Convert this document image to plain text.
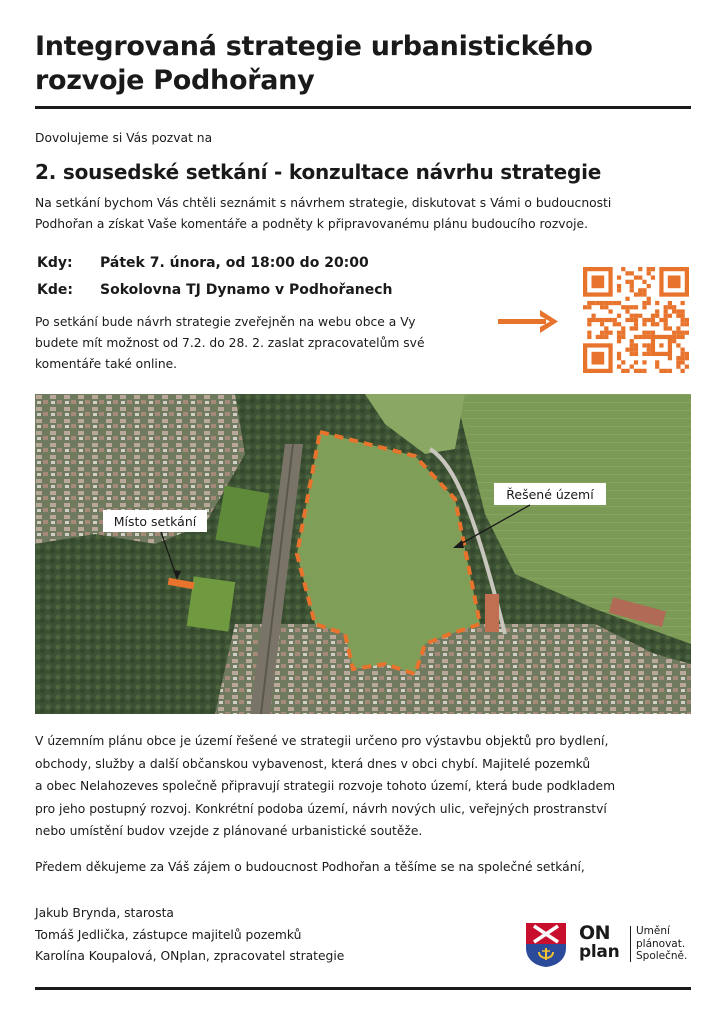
Integrovaná strategie urbanistického
rozvoje Podhořany
Dovolujeme si Vás pozvat na
2. sousedské setkání - konzultace návrhu strategie
Na setkání bychom Vás chtěli seznámit s návrhem strategie, diskutovat s Vámi o budoucnosti
Podhořan a získat Vaše komentáře a podněty k připravovanému plánu budoucího rozvoje.
Kdy: Pátek 7. února, od 18:00 do 20:00
Kde: Sokolovna TJ Dynamo v Podhořanech
Po setkání bude návrh strategie zveřejněn na webu obce a Vy
budete mít možnost od 7.2. do 28. 2. zaslat zpracovatelům své
komentáře také online.
Místo setkání
Řešené území
V územním plánu obce je území řešené ve strategii určeno pro výstavbu objektů pro bydlení,
obchody, služby a další občanskou vybavenost, která dnes v obci chybí. Majitelé pozemků
a obec Nelahozeves společně připravují strategii rozvoje tohoto území, která bude podkladem
pro jeho postupný rozvoj. Konkrétní podoba území, návrh nových ulic, veřejných prostranství
nebo umístění budov vzejde z plánované urbanistické soutěže.
Předem děkujeme za Váš zájem o budoucnost Podhořan a těšíme se na společné setkání,
Jakub Brynda, starosta
Tomáš Jedlička, zástupce majitelů pozemků
Karolína Koupalová, ONplan, zpracovatel strategie
ON
plan
Umění
plánovat.
Společně.
